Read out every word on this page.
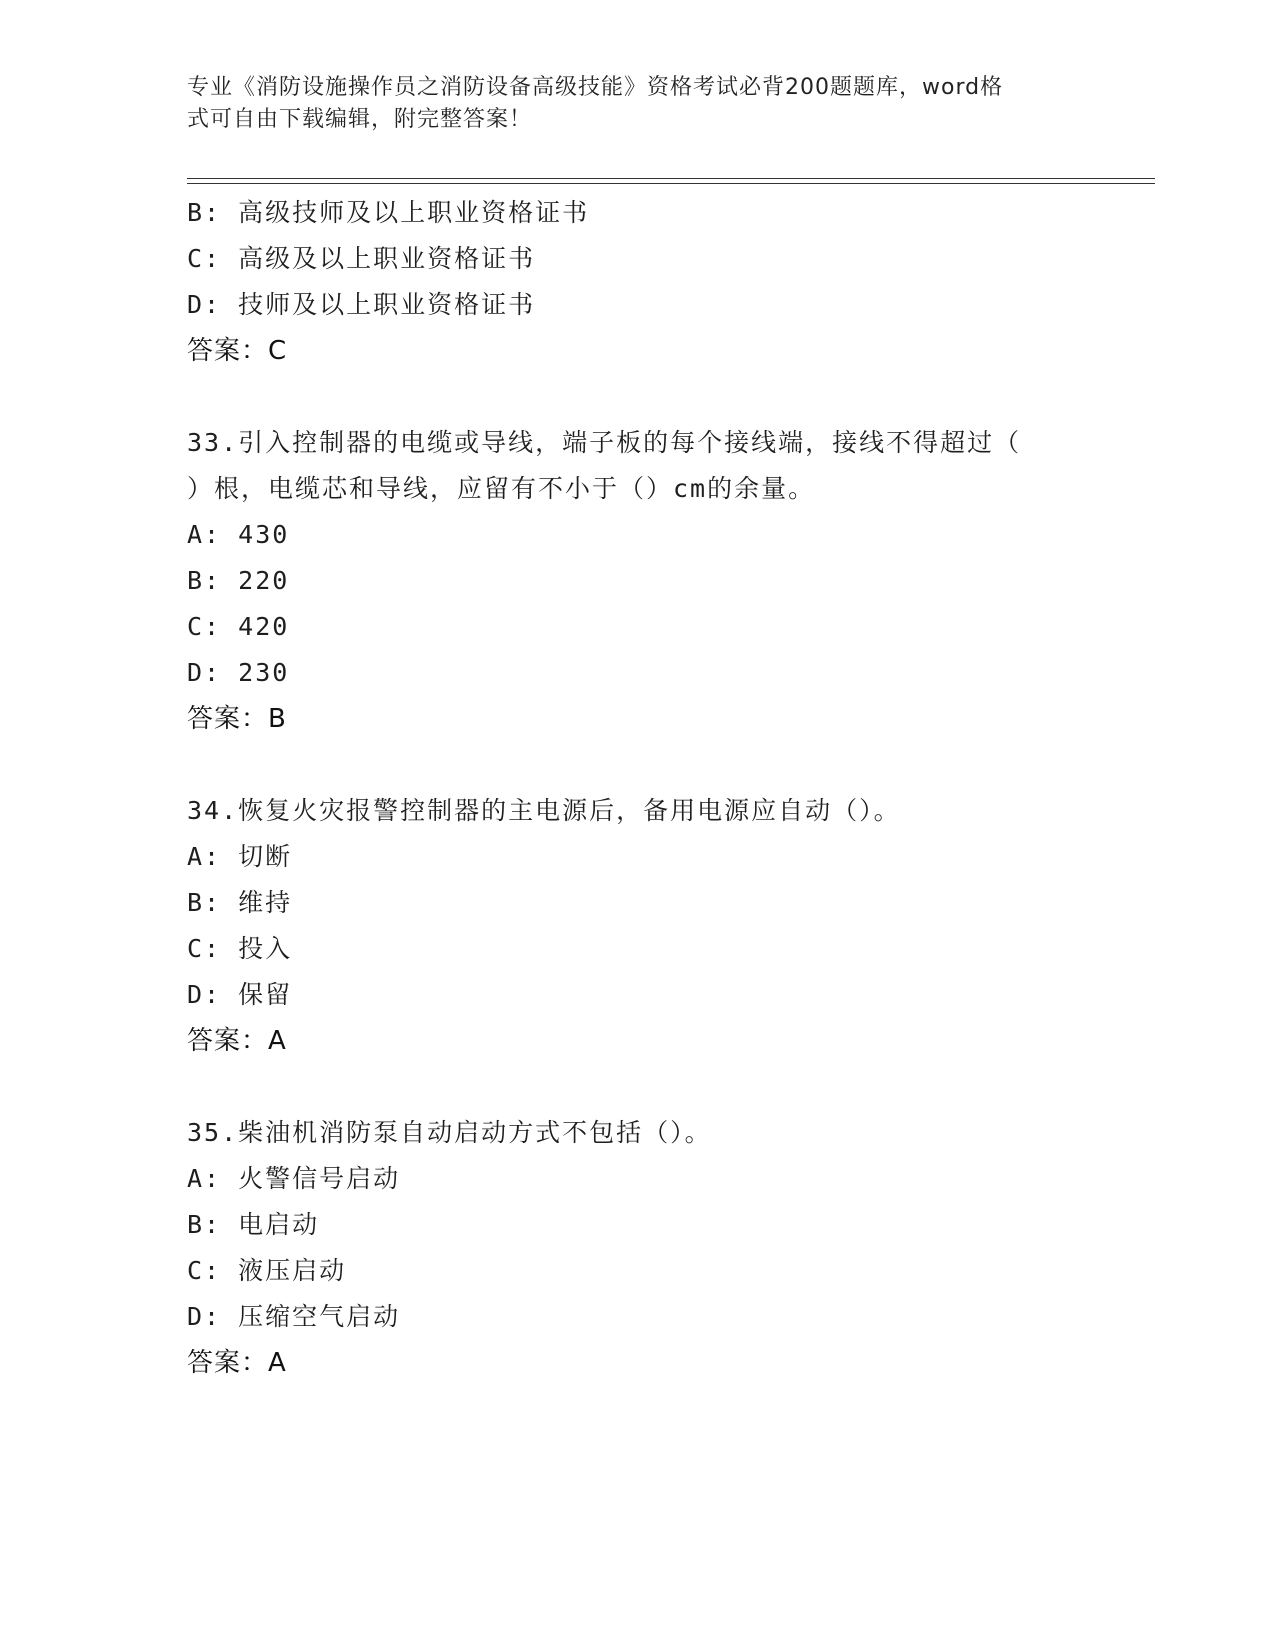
专业《消防设施操作员之消防设备高级技能》资格考试必背200题题库，word格
式可自由下载编辑，附完整答案！
B: 高级技师及以上职业资格证书
C: 高级及以上职业资格证书
D: 技师及以上职业资格证书
答案：C
33.引入控制器的电缆或导线，端子板的每个接线端，接线不得超过（
）根，电缆芯和导线，应留有不小于（）cm的余量。
A: 430
B: 220
C: 420
D: 230
答案：B
34.恢复火灾报警控制器的主电源后，备用电源应自动（）。
A: 切断
B: 维持
C: 投入
D: 保留
答案：A
35.柴油机消防泵自动启动方式不包括（）。
A: 火警信号启动
B: 电启动
C: 液压启动
D: 压缩空气启动
答案：A
